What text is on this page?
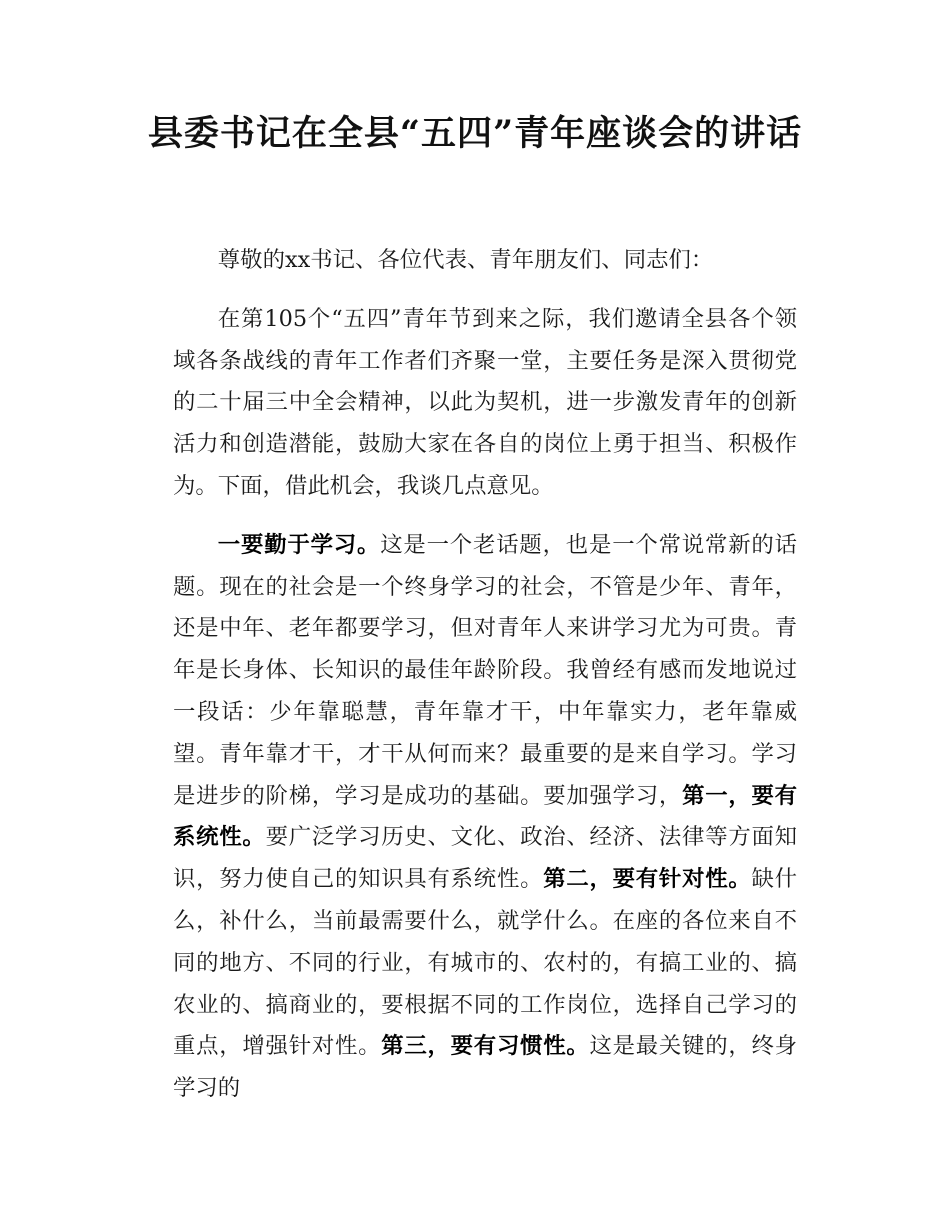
县委书记在全县“五四”青年座谈会的讲话

尊敬的xx书记、各位代表、青年朋友们、同志们：

在第105个“五四”青年节到来之际，我们邀请全县各个领域各条战线的青年工作者们齐聚一堂，主要任务是深入贯彻党的二十届三中全会精神，以此为契机，进一步激发青年的创新活力和创造潜能，鼓励大家在各自的岗位上勇于担当、积极作为。下面，借此机会，我谈几点意见。

一要勤于学习。这是一个老话题，也是一个常说常新的话题。现在的社会是一个终身学习的社会，不管是少年、青年，还是中年、老年都要学习，但对青年人来讲学习尤为可贵。青年是长身体、长知识的最佳年龄阶段。我曾经有感而发地说过一段话：少年靠聪慧，青年靠才干，中年靠实力，老年靠威望。青年靠才干，才干从何而来？最重要的是来自学习。学习是进步的阶梯，学习是成功的基础。要加强学习，第一，要有系统性。要广泛学习历史、文化、政治、经济、法律等方面知识，努力使自己的知识具有系统性。第二，要有针对性。缺什么，补什么，当前最需要什么，就学什么。在座的各位来自不同的地方、不同的行业，有城市的、农村的，有搞工业的、搞农业的、搞商业的，要根据不同的工作岗位，选择自己学习的重点，增强针对性。第三，要有习惯性。这是最关键的，终身学习的
